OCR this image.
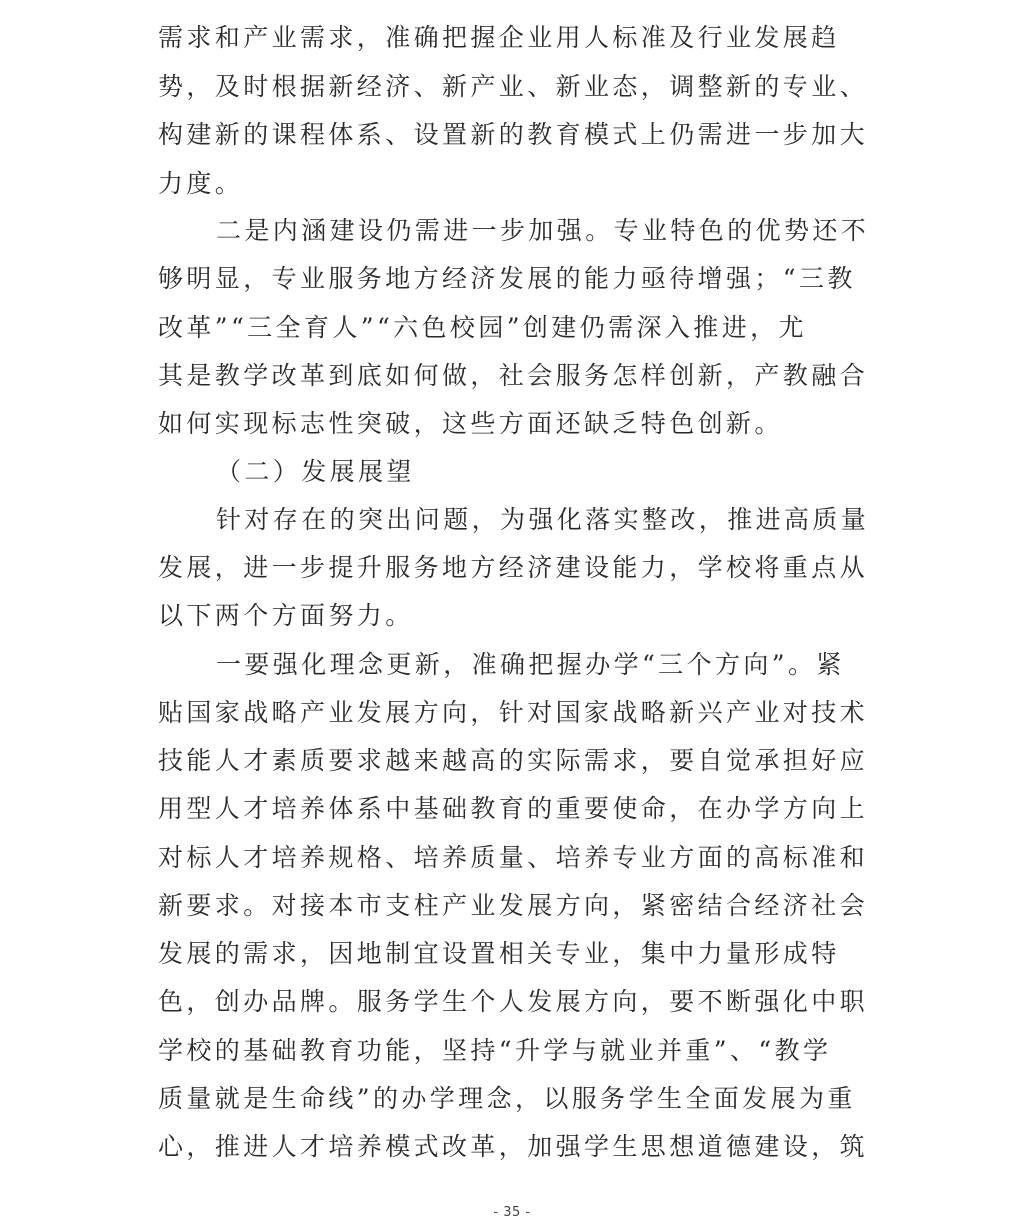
需求和产业需求，准确把握企业用人标准及行业发展趋
势，及时根据新经济、新产业、新业态，调整新的专业、
构建新的课程体系、设置新的教育模式上仍需进一步加大
力度。
二是内涵建设仍需进一步加强。专业特色的优势还不
够明显，专业服务地方经济发展的能力亟待增强；“三教
改革”“三全育人”“六色校园”创建仍需深入推进，尤
其是教学改革到底如何做，社会服务怎样创新，产教融合
如何实现标志性突破，这些方面还缺乏特色创新。
（二）发展展望
针对存在的突出问题，为强化落实整改，推进高质量
发展，进一步提升服务地方经济建设能力，学校将重点从
以下两个方面努力。
一要强化理念更新，准确把握办学“三个方向”。紧
贴国家战略产业发展方向，针对国家战略新兴产业对技术
技能人才素质要求越来越高的实际需求，要自觉承担好应
用型人才培养体系中基础教育的重要使命，在办学方向上
对标人才培养规格、培养质量、培养专业方面的高标准和
新要求。对接本市支柱产业发展方向，紧密结合经济社会
发展的需求，因地制宜设置相关专业，集中力量形成特
色，创办品牌。服务学生个人发展方向，要不断强化中职
学校的基础教育功能，坚持“升学与就业并重”、“教学
质量就是生命线”的办学理念，以服务学生全面发展为重
心，推进人才培养模式改革，加强学生思想道德建设，筑
- 35 -
